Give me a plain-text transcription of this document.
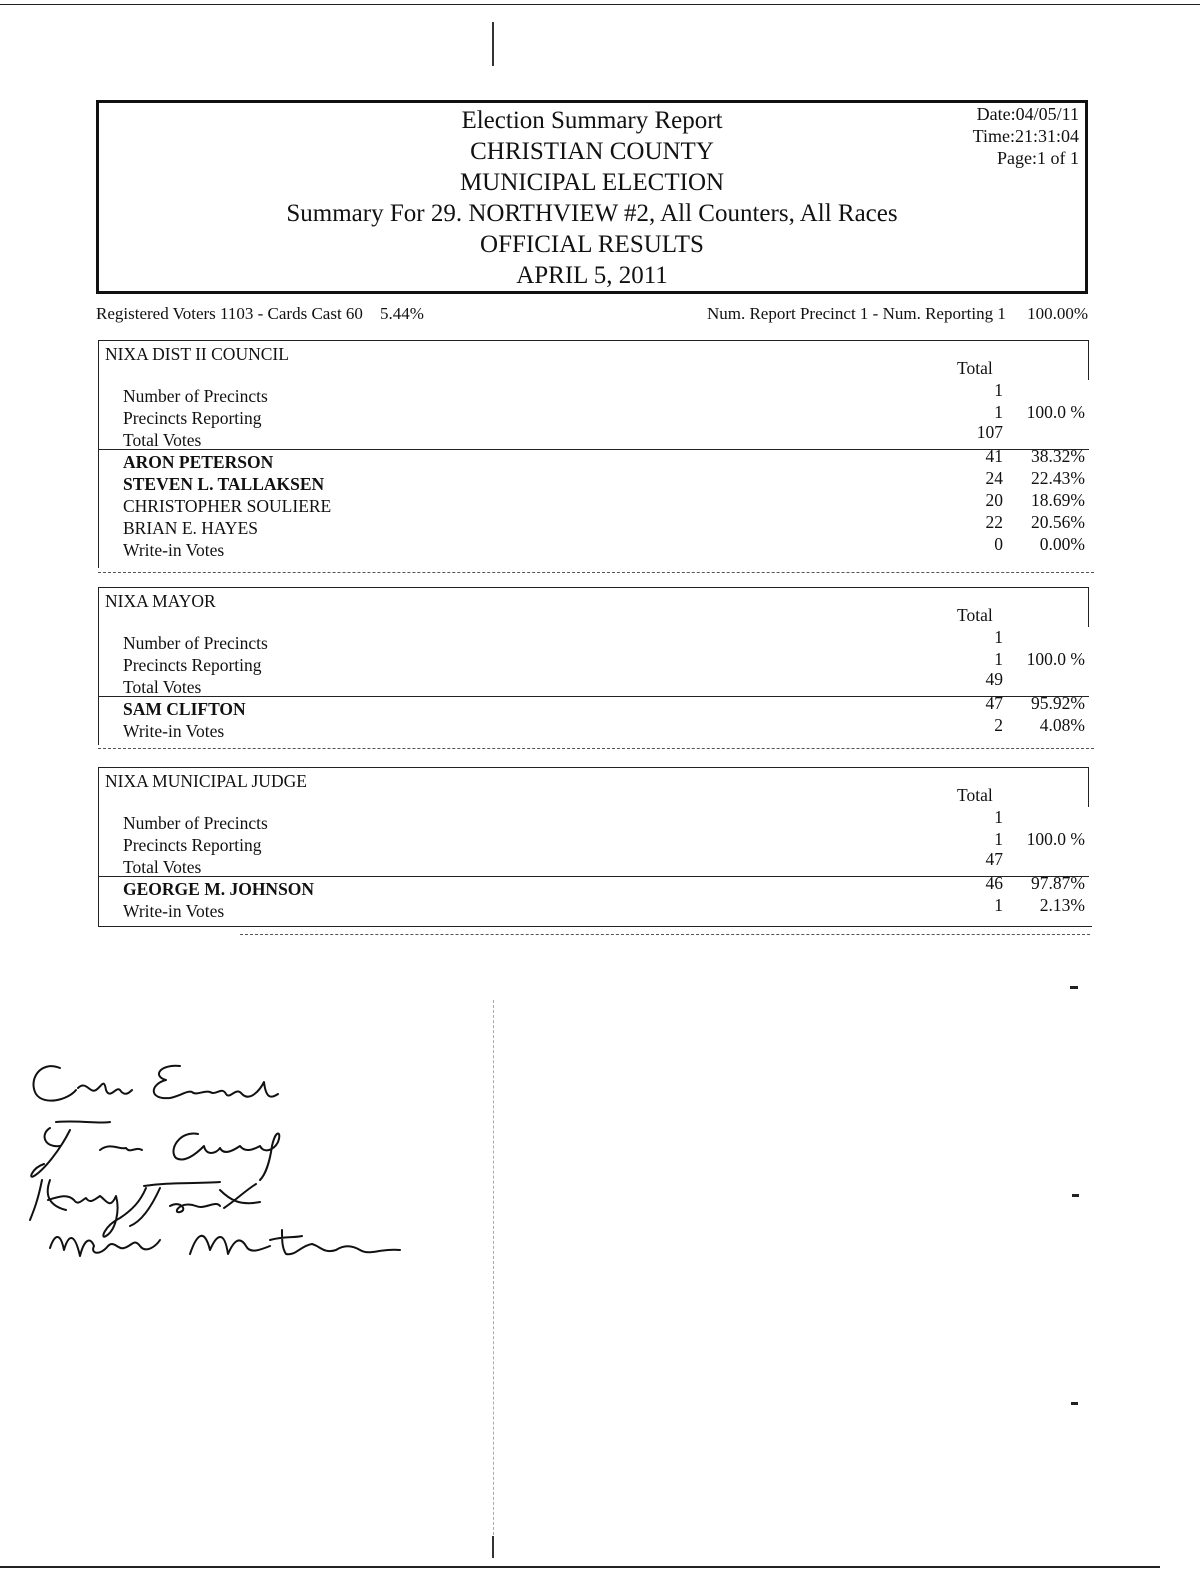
Election Summary Report
CHRISTIAN COUNTY
MUNICIPAL ELECTION
Summary For 29. NORTHVIEW #2, All Counters, All Races
OFFICIAL RESULTS
APRIL 5, 2011
Date:04/05/11
Time:21:31:04
Page:1 of 1
Registered Voters 1103 - Cards Cast 60 5.44%	Num. Report Precinct 1 - Num. Reporting 1 100.00%
NIXA DIST II COUNCIL
Total
Number of Precincts	1
Precincts Reporting	1 100.0 %
Total Votes	107
ARON PETERSON	41 38.32%
STEVEN L. TALLAKSEN	24 22.43%
CHRISTOPHER SOULIERE	20 18.69%
BRIAN E. HAYES	22 20.56%
Write-in Votes	0 0.00%
NIXA MAYOR
Total
Number of Precincts	1
Precincts Reporting	1 100.0 %
Total Votes	49
SAM CLIFTON	47 95.92%
Write-in Votes	2 4.08%
NIXA MUNICIPAL JUDGE
Total
Number of Precincts	1
Precincts Reporting	1 100.0 %
Total Votes	47
GEORGE M. JOHNSON	46 97.87%
Write-in Votes	1 2.13%
